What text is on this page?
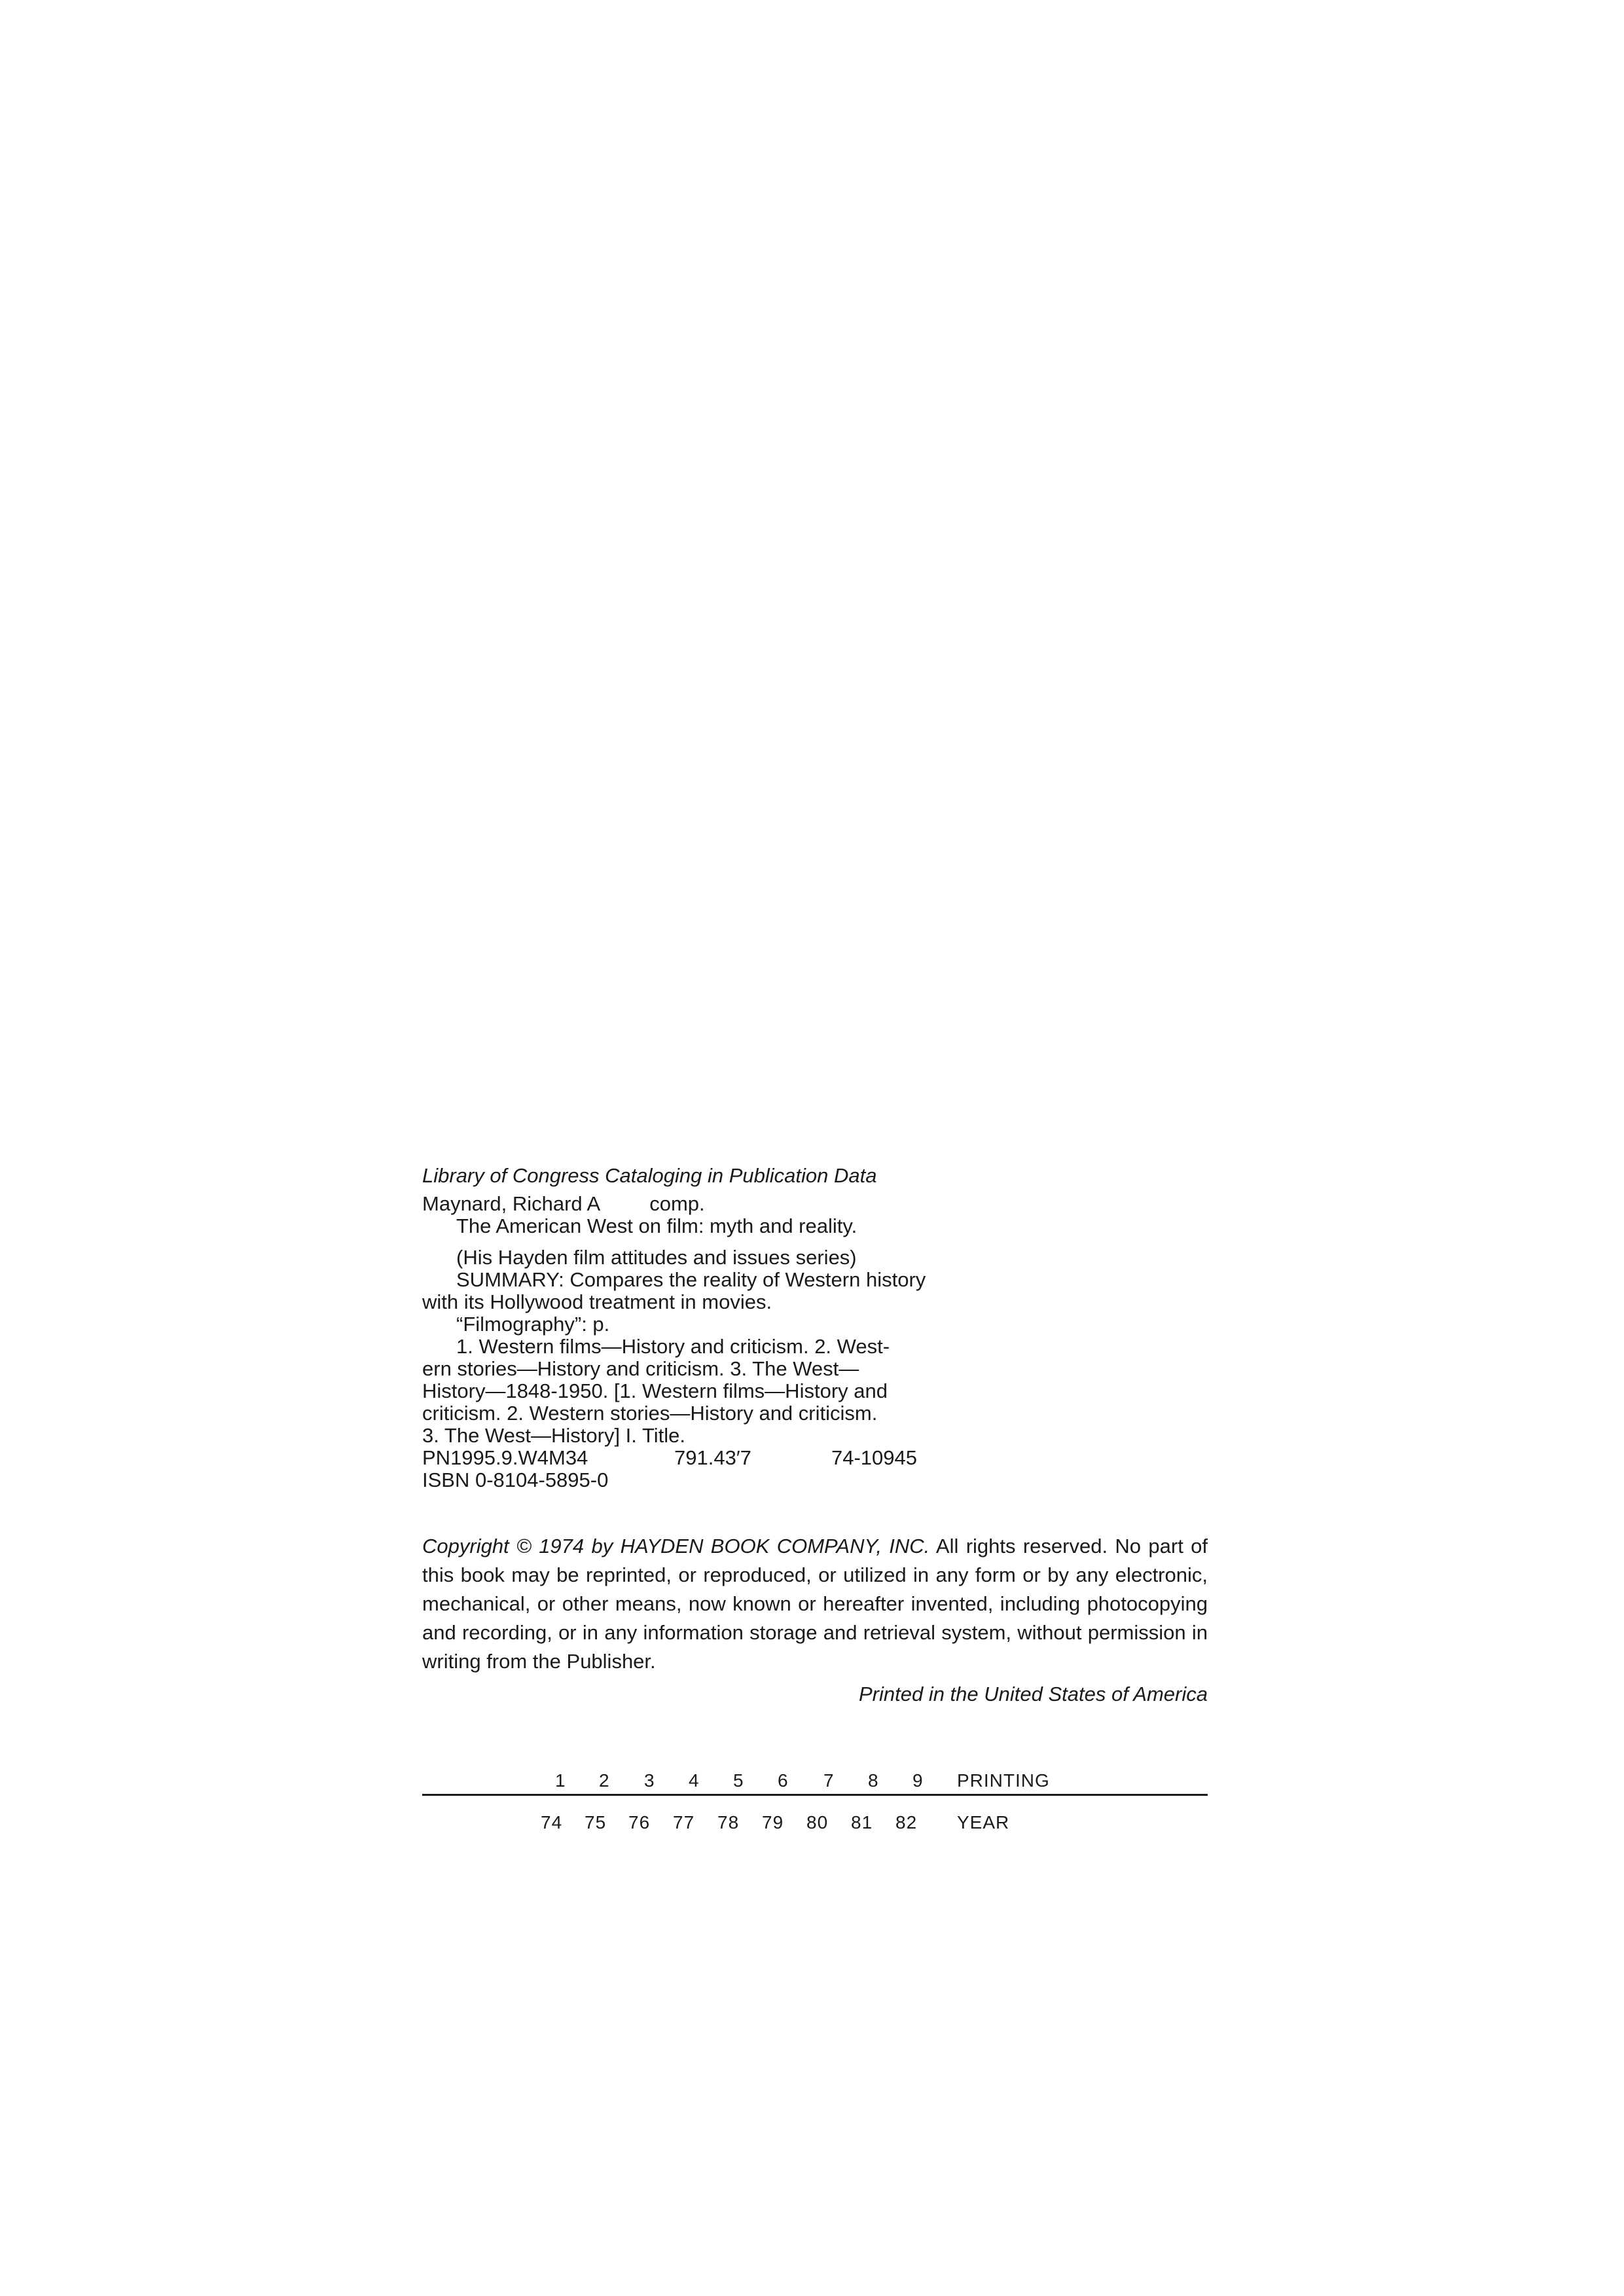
Library of Congress Cataloging in Publication Data
Maynard, Richard A comp.
The American West on film: myth and reality.
(His Hayden film attitudes and issues series)
SUMMARY: Compares the reality of Western history
with its Hollywood treatment in movies.
“Filmography”: p.
1. Western films—History and criticism. 2. West-
ern stories—History and criticism. 3. The West—
History—1848-1950. [1. Western films—History and
criticism. 2. Western stories—History and criticism.
3. The West—History] I. Title.
PN1995.9.W4M34	791.43′7	74-10945
ISBN 0-8104-5895-0
Copyright © 1974 by HAYDEN BOOK COMPANY, INC. All rights reserved. No part of this book may be reprinted, or reproduced, or utilized in any form or by any electronic, mechanical, or other means, now known or hereafter invented, including photocopying and recording, or in any information storage and retrieval system, without permission in writing from the Publisher.
Printed in the United States of America
1 2 3 4 5 6 7 8 9 PRINTING
74 75 76 77 78 79 80 81 82 YEAR
